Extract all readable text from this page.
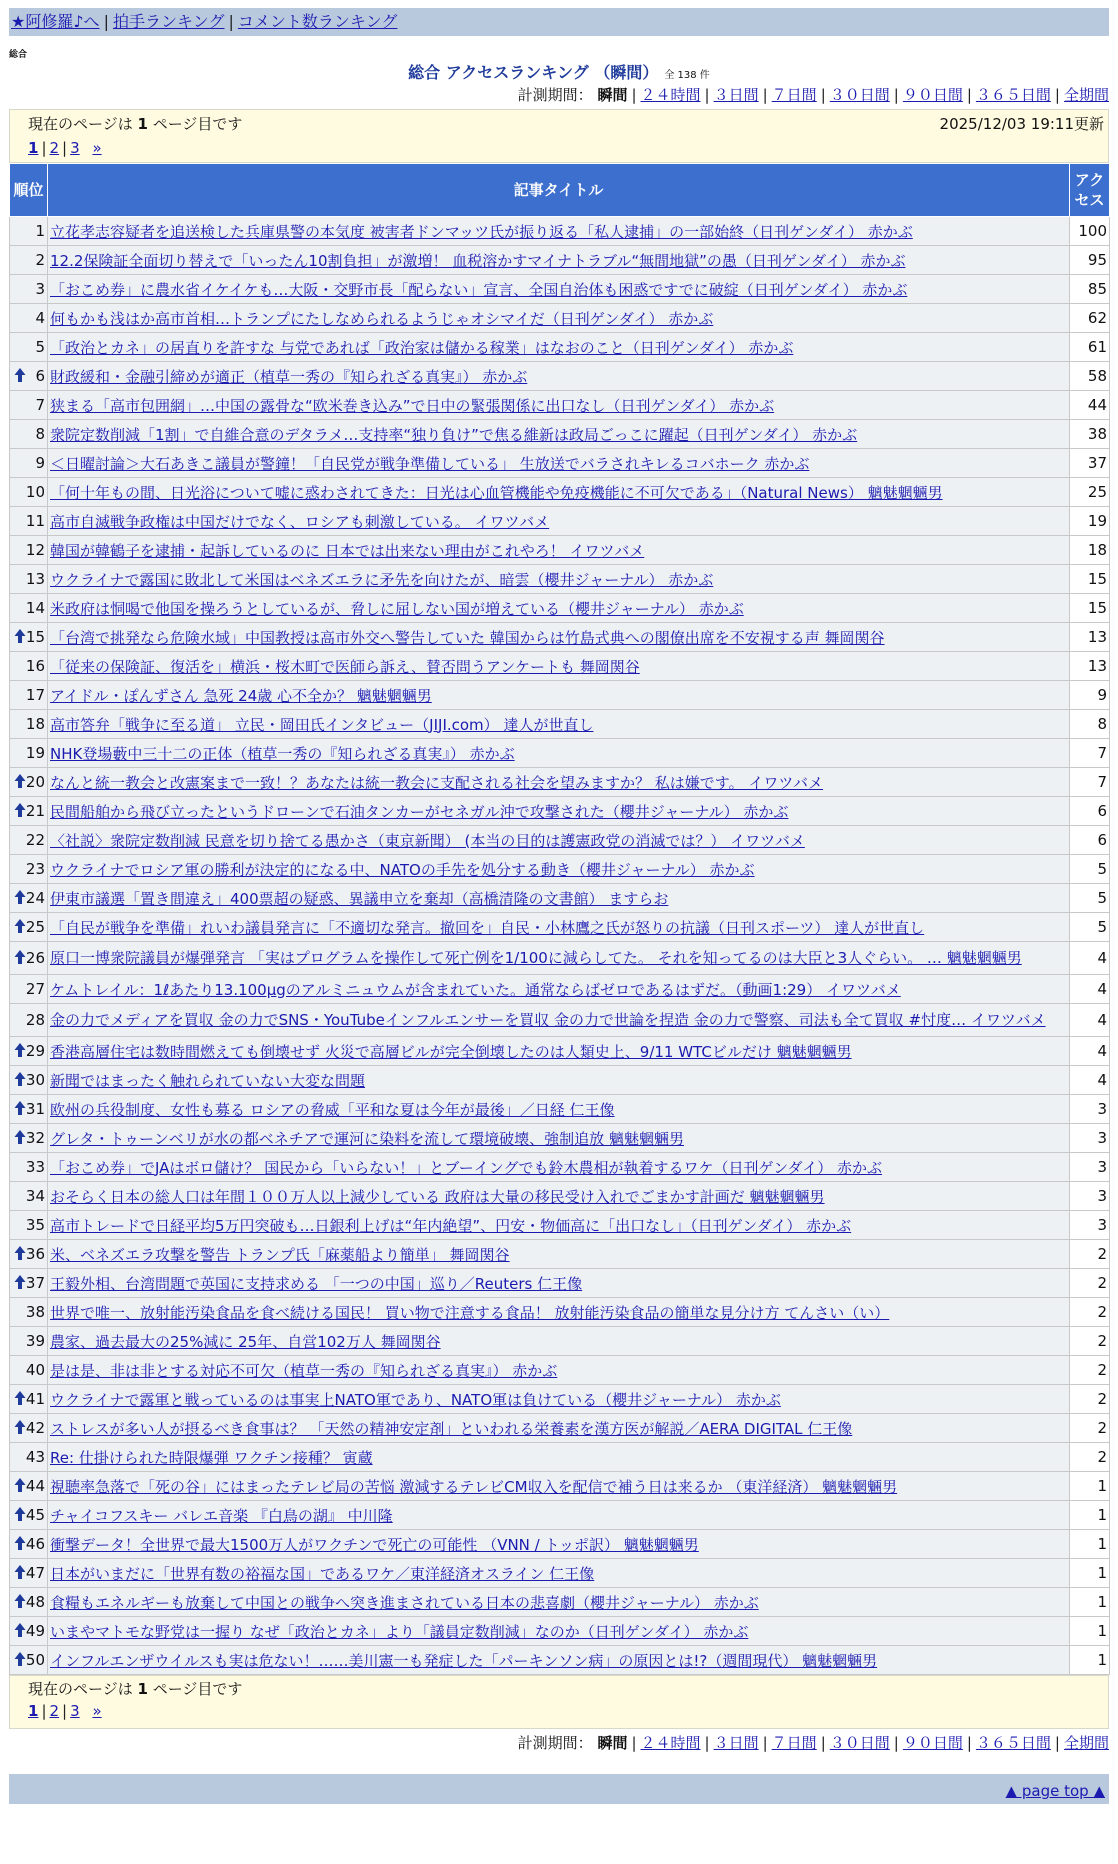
★阿修羅♪へ | 拍手ランキング | コメント数ランキング
総合
総合 アクセスランキング （瞬間） 全 138 件
計測期間： 瞬間 | ２４時間 | ３日間 | ７日間 | ３０日間 | ９０日間 | ３６５日間 | 全期間
現在のページは 1 ページ目です	2025/12/03 19:11更新
1 | 2 | 3 »
順位	記事タイトル	アクセス
1	立花孝志容疑者を追送検した兵庫県警の本気度 被害者ドンマッツ氏が振り返る「私人逮捕」の一部始終（日刊ゲンダイ） 赤かぶ	100
2	12.2保険証全面切り替えで「いったん10割負担」が激増！ 血税溶かすマイナトラブル“無間地獄”の愚（日刊ゲンダイ） 赤かぶ	95
3	「おこめ券」に農水省イケイケも…大阪・交野市長「配らない」宣言、全国自治体も困惑ですでに破綻（日刊ゲンダイ） 赤かぶ	85
4	何もかも浅はか高市首相…トランプにたしなめられるようじゃオシマイだ（日刊ゲンダイ） 赤かぶ	62
5	「政治とカネ」の居直りを許すな 与党であれば「政治家は儲かる稼業」はなおのこと（日刊ゲンダイ） 赤かぶ	61

6	財政緩和・金融引締めが適正（植草一秀の『知られざる真実』） 赤かぶ	58
7	狭まる「高市包囲網」…中国の露骨な“欧米巻き込み”で日中の緊張関係に出口なし（日刊ゲンダイ） 赤かぶ	44
8	衆院定数削減「1割」で自維合意のデタラメ…支持率“独り負け”で焦る維新は政局ごっこに躍起（日刊ゲンダイ） 赤かぶ	38
9	＜日曜討論＞大石あきこ議員が警鐘！「自民党が戦争準備している」 生放送でバラされキレるコバホーク 赤かぶ	37
10	「何十年もの間、日光浴について嘘に惑わされてきた：日光は心血管機能や免疫機能に不可欠である」（Natural News） 魑魅魍魎男	25
11	高市自滅戦争政権は中国だけでなく、ロシアも刺激している。 イワツバメ	19
12	韓国が韓鶴子を逮捕・起訴しているのに 日本では出来ない理由がこれやろ！ イワツバメ	18
13	ウクライナで露国に敗北して米国はベネズエラに矛先を向けたが、暗雲（櫻井ジャーナル） 赤かぶ	15
14	米政府は恫喝で他国を操ろうとしているが、脅しに屈しない国が増えている（櫻井ジャーナル） 赤かぶ	15

15	「台湾で挑発なら危険水域」中国教授は高市外交へ警告していた 韓国からは竹島式典への閣僚出席を不安視する声 舞岡関谷	13
16	「従来の保険証、復活を」横浜・桜木町で医師ら訴え、賛否問うアンケートも 舞岡関谷	13
17	アイドル・ぽんずさん 急死 24歳 心不全か？ 魑魅魍魎男	9
18	高市答弁「戦争に至る道」 立民・岡田氏インタビュー（JIJI.com） 達人が世直し	8
19	NHK登場藪中三十二の正体（植草一秀の『知られざる真実』） 赤かぶ	7

20	なんと統一教会と改憲案まで一致！？あなたは統一教会に支配される社会を望みますか？ 私は嫌です。 イワツバメ	7

21	民間船舶から飛び立ったというドローンで石油タンカーがセネガル沖で攻撃された（櫻井ジャーナル） 赤かぶ	6
22	〈社説〉衆院定数削減 民意を切り捨てる愚かさ（東京新聞） (本当の目的は護憲政党の消滅では？） イワツバメ	6
23	ウクライナでロシア軍の勝利が決定的になる中、NATOの手先を処分する動き（櫻井ジャーナル） 赤かぶ	5

24	伊東市議選「置き間違え」400票超の疑惑、異議申立を棄却（高橋清隆の文書館） ますらお	5

25	「自民が戦争を準備」れいわ議員発言に「不適切な発言。撤回を」自民・小林鷹之氏が怒りの抗議（日刊スポーツ） 達人が世直し	5

26	原口一博衆院議員が爆弾発言 「実はプログラムを操作して死亡例を1/100に減らしてた。 それを知ってるのは大臣と3人ぐらい。 … 魑魅魍魎男	4
27	ケムトレイル：1ℓあたり13.100μgのアルミニュウムが含まれていた。通常ならばゼロであるはずだ。（動画1:29） イワツバメ	4
28	金の力でメディアを買収 金の力でSNS・YouTubeインフルエンサーを買収 金の力で世論を捏造 金の力で警察、司法も全て買収 #忖度… イワツバメ	4

29	香港高層住宅は数時間燃えても倒壊せず 火災で高層ビルが完全倒壊したのは人類史上、9/11 WTCビルだけ 魑魅魍魎男	4

30	新聞ではまったく触れられていない大変な問題	4

31	欧州の兵役制度、女性も募る ロシアの脅威「平和な夏は今年が最後」／日経 仁王像	3

32	グレタ・トゥーンベリが水の都ベネチアで運河に染料を流して環境破壊、強制追放 魑魅魍魎男	3
33	「おこめ券」でJAはボロ儲け？ 国民から「いらない！」とブーイングでも鈴木農相が執着するワケ（日刊ゲンダイ） 赤かぶ	3
34	おそらく日本の総人口は年間１００万人以上減少している 政府は大量の移民受け入れでごまかす計画だ 魑魅魍魎男	3
35	高市トレードで日経平均5万円突破も…日銀利上げは“年内絶望”、円安・物価高に「出口なし」（日刊ゲンダイ） 赤かぶ	3

36	米、ベネズエラ攻撃を警告 トランプ氏「麻薬船より簡単」 舞岡関谷	2

37	王毅外相、台湾問題で英国に支持求める 「一つの中国」巡り／Reuters 仁王像	2
38	世界で唯一、放射能汚染食品を食べ続ける国民！ 買い物で注意する食品！ 放射能汚染食品の簡単な見分け方 てんさい（い）	2
39	農家、過去最大の25%減に 25年、自営102万人 舞岡関谷	2
40	是は是、非は非とする対応不可欠（植草一秀の『知られざる真実』） 赤かぶ	2

41	ウクライナで露軍と戦っているのは事実上NATO軍であり、NATO軍は負けている（櫻井ジャーナル） 赤かぶ	2

42	ストレスが多い人が摂るべき食事は？ 「天然の精神安定剤」といわれる栄養素を漢方医が解説／AERA DIGITAL 仁王像	2
43	Re: 仕掛けられた時限爆弾 ワクチン接種？ 寅蔵	2

44	視聴率急落で「死の谷」にはまったテレビ局の苦悩 激減するテレビCM収入を配信で補う日は来るか （東洋経済） 魑魅魍魎男	1

45	チャイコフスキー バレエ音楽 『白鳥の湖』 中川隆	1

46	衝撃データ！全世界で最大1500万人がワクチンで死亡の可能性 （VNN / トッポ訳） 魑魅魍魎男	1

47	日本がいまだに「世界有数の裕福な国」であるワケ／東洋経済オスライン 仁王像	1

48	食糧もエネルギーも放棄して中国との戦争へ突き進まされている日本の悲喜劇（櫻井ジャーナル） 赤かぶ	1

49	いまやマトモな野党は一握り なぜ「政治とカネ」より「議員定数削減」なのか（日刊ゲンダイ） 赤かぶ	1

50	インフルエンザウイルスも実は危ない！……美川憲一も発症した「パーキンソン病」の原因とは!?（週間現代） 魑魅魍魎男	1
現在のページは 1 ページ目です
1 | 2 | 3 »
計測期間： 瞬間 | ２４時間 | ３日間 | ７日間 | ３０日間 | ９０日間 | ３６５日間 | 全期間
▲ page top ▲
